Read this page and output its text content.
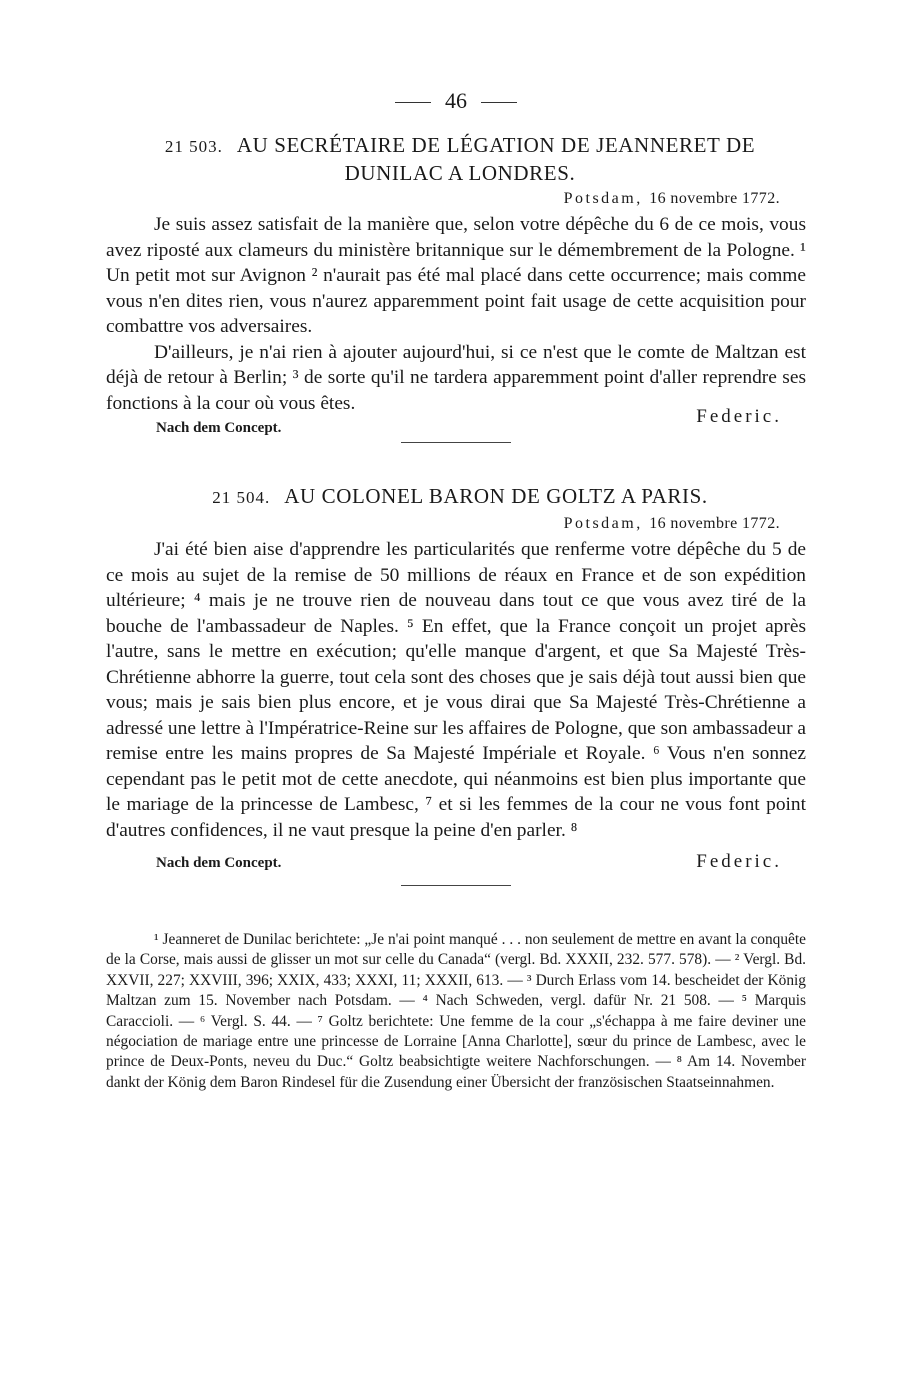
46
21 503. AU SECRÉTAIRE DE LÉGATION DE JEANNERET DE
DUNILAC A LONDRES.
Potsdam, 16 novembre 1772.

Je suis assez satisfait de la manière que, selon votre dépêche du 6 de ce mois, vous avez riposté aux clameurs du ministère britannique sur le démembrement de la Pologne. ¹ Un petit mot sur Avignon ² n'aurait pas été mal placé dans cette occurrence; mais comme vous n'en dites rien, vous n'aurez apparemment point fait usage de cette acquisition pour combattre vos adversaires.

D'ailleurs, je n'ai rien à ajouter aujourd'hui, si ce n'est que le comte de Maltzan est déjà de retour à Berlin; ³ de sorte qu'il ne tardera apparemment point d'aller reprendre ses fonctions à la cour où vous êtes.

Nach dem Concept.
Federic.
21 504. AU COLONEL BARON DE GOLTZ A PARIS.
Potsdam, 16 novembre 1772.

J'ai été bien aise d'apprendre les particularités que renferme votre dépêche du 5 de ce mois au sujet de la remise de 50 millions de réaux en France et de son expédition ultérieure; ⁴ mais je ne trouve rien de nouveau dans tout ce que vous avez tiré de la bouche de l'ambassadeur de Naples. ⁵ En effet, que la France conçoit un projet après l'autre, sans le mettre en exécution; qu'elle manque d'argent, et que Sa Majesté Très-Chrétienne abhorre la guerre, tout cela sont des choses que je sais déjà tout aussi bien que vous; mais je sais bien plus encore, et je vous dirai que Sa Majesté Très-Chrétienne a adressé une lettre à l'Impératrice-Reine sur les affaires de Pologne, que son ambassadeur a remise entre les mains propres de Sa Majesté Impériale et Royale. ⁶ Vous n'en sonnez cependant pas le petit mot de cette anecdote, qui néanmoins est bien plus importante que le mariage de la princesse de Lambesc, ⁷ et si les femmes de la cour ne vous font point d'autres confidences, il ne vaut presque la peine d'en parler. ⁸

Nach dem Concept.	Federic.

¹ Jeanneret de Dunilac berichtete: „Je n'ai point manqué . . . non seulement de mettre en avant la conquête de la Corse, mais aussi de glisser un mot sur celle du Canada“ (vergl. Bd. XXXII, 232. 577. 578). — ² Vergl. Bd. XXVII, 227; XXVIII, 396; XXIX, 433; XXXI, 11; XXXII, 613. — ³ Durch Erlass vom 14. bescheidet der König Maltzan zum 15. November nach Potsdam. — ⁴ Nach Schweden, vergl. dafür Nr. 21 508. — ⁵ Marquis Caraccioli. — ⁶ Vergl. S. 44. — ⁷ Goltz berichtete: Une femme de la cour „s'échappa à me faire deviner une négociation de mariage entre une princesse de Lorraine [Anna Charlotte], sœur du prince de Lambesc, avec le prince de Deux-Ponts, neveu du Duc.“ Goltz beabsichtigte weitere Nachforschungen. — ⁸ Am 14. November dankt der König dem Baron Rindesel für die Zusendung einer Übersicht der französischen Staatseinnahmen.
